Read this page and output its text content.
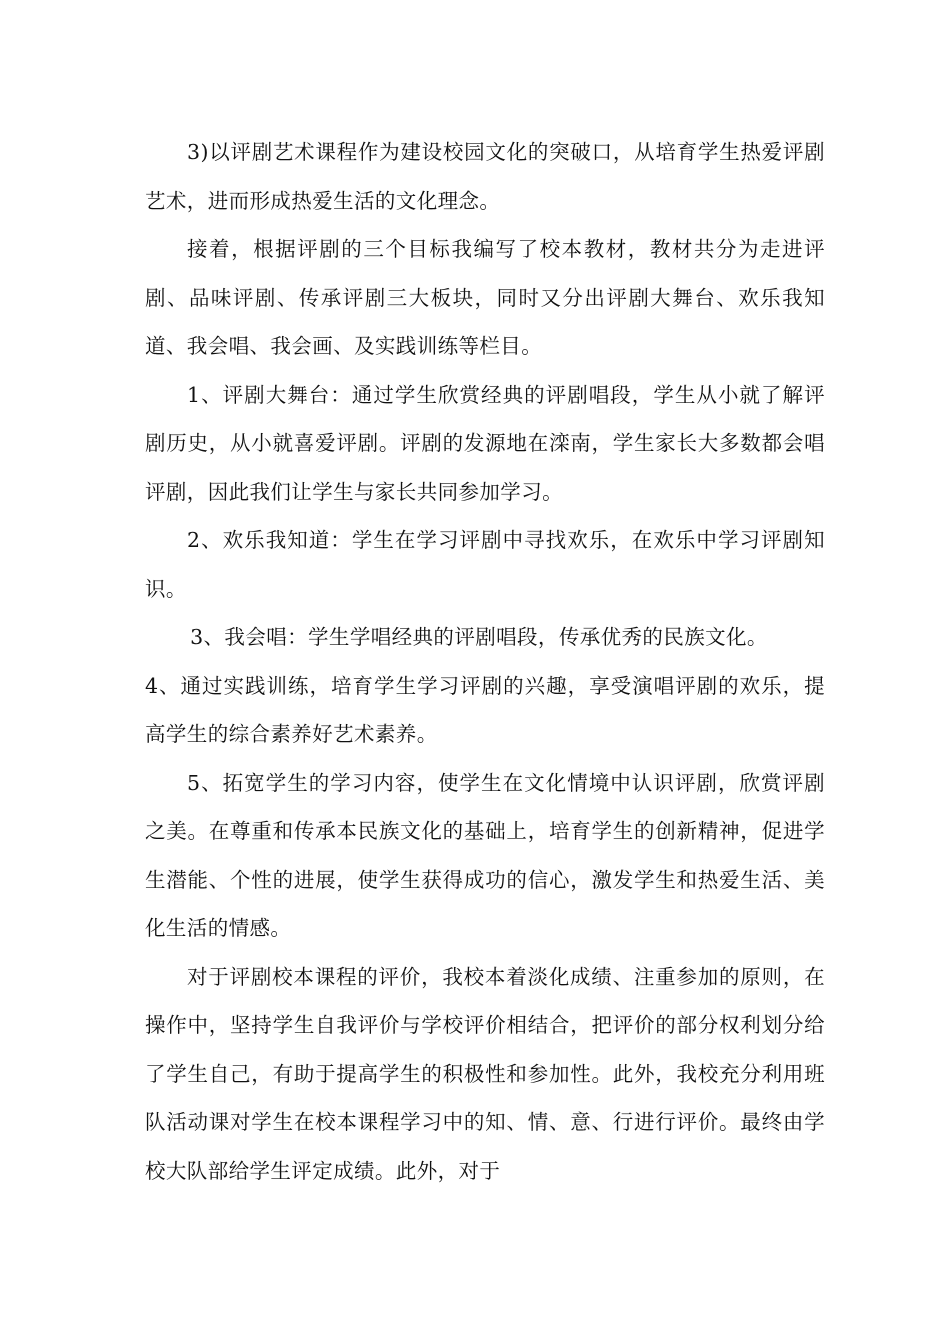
3)以评剧艺术课程作为建设校园文化的突破口，从培育学生热爱评剧艺术，进而形成热爱生活的文化理念。

接着，根据评剧的三个目标我编写了校本教材，教材共分为走进评剧、品味评剧、传承评剧三大板块，同时又分出评剧大舞台、欢乐我知道、我会唱、我会画、及实践训练等栏目。

1、评剧大舞台：通过学生欣赏经典的评剧唱段，学生从小就了解评剧历史，从小就喜爱评剧。评剧的发源地在滦南，学生家长大多数都会唱评剧，因此我们让学生与家长共同参加学习。

2、欢乐我知道：学生在学习评剧中寻找欢乐，在欢乐中学习评剧知识。

3、我会唱：学生学唱经典的评剧唱段，传承优秀的民族文化。

4、通过实践训练，培育学生学习评剧的兴趣，享受演唱评剧的欢乐，提高学生的综合素养好艺术素养。

5、拓宽学生的学习内容，使学生在文化情境中认识评剧，欣赏评剧之美。在尊重和传承本民族文化的基础上，培育学生的创新精神，促进学生潜能、个性的进展，使学生获得成功的信心，激发学生和热爱生活、美化生活的情感。

对于评剧校本课程的评价，我校本着淡化成绩、注重参加的原则，在操作中，坚持学生自我评价与学校评价相结合，把评价的部分权利划分给了学生自己，有助于提高学生的积极性和参加性。此外，我校充分利用班队活动课对学生在校本课程学习中的知、情、意、行进行评价。最终由学校大队部给学生评定成绩。此外，对于
